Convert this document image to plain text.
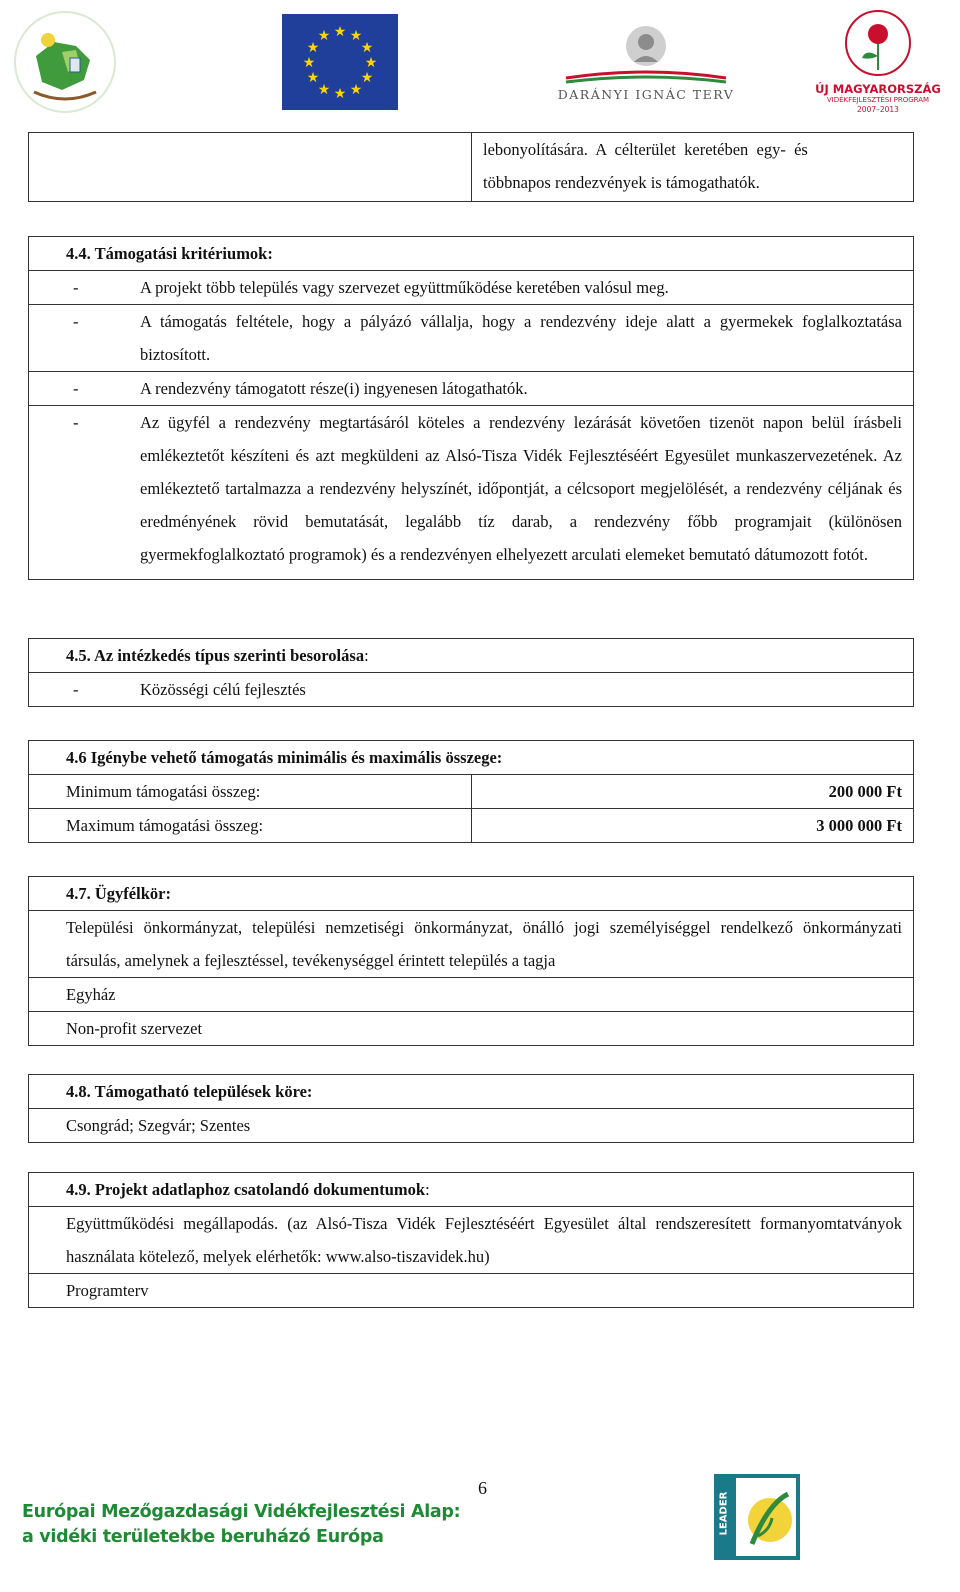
★ ★
★
★
★
★
★
★
★
★
★
★
DARÁNYI IGNÁC TERV	ÚJ MAGYARORSZÁG
VIDÉKFEJLESZTÉSI PROGRAM
2007–2013

lebonyolítására.  A  célterület  keretében  egy-  és
többnapos rendezvények is támogathatók.
4.4. Támogatási kritériumok:

-	A projekt több település vagy szervezet együttműködése keretében valósul meg.

-	A támogatás feltétele, hogy a pályázó vállalja, hogy a rendezvény ideje alatt a gyermekek foglalkoztatása biztosított.

-	A rendezvény támogatott része(i) ingyenesen látogathatók.

-	Az ügyfél a rendezvény megtartásáról köteles a rendezvény lezárását követően tizenöt napon belül írásbeli emlékeztetőt készíteni és azt megküldeni az Alsó-Tisza Vidék Fejlesztéséért Egyesület munkaszervezetének. Az emlékeztető tartalmazza a rendezvény helyszínét, időpontját, a célcsoport megjelölését, a rendezvény céljának és eredményének rövid bemutatását, legalább tíz darab, a rendezvény főbb programjait (különösen gyermekfoglalkoztató programok) és a rendezvényen elhelyezett arculati elemeket bemutató dátumozott fotót.
4.5. Az intézkedés típus szerinti besorolása:

-	Közösségi célú fejlesztés
4.6 Igénybe vehető támogatás minimális és maximális összege:	
Minimum támogatási összeg:	200 000 Ft
Maximum támogatási összeg:	3 000 000 Ft
4.7. Ügyfélkör:
Települési önkormányzat, települési nemzetiségi önkormányzat, önálló jogi személyiséggel rendelkező önkormányzati társulás, amelynek a fejlesztéssel, tevékenységgel érintett település a tagja
Egyház
Non-profit szervezet
4.8. Támogatható települések köre:
Csongrád; Szegvár; Szentes
4.9. Projekt adatlaphoz csatolandó dokumentumok:
Együttműködési megállapodás. (az Alsó-Tisza Vidék Fejlesztéséért Egyesület által rendszeresített formanyomtatványok használata kötelező, melyek elérhetők: www.also-tiszavidek.hu)
Programterv
Európai Mezőgazdasági Vidékfejlesztési Alap:
a vidéki területekbe beruházó Európa
6
LEADER
